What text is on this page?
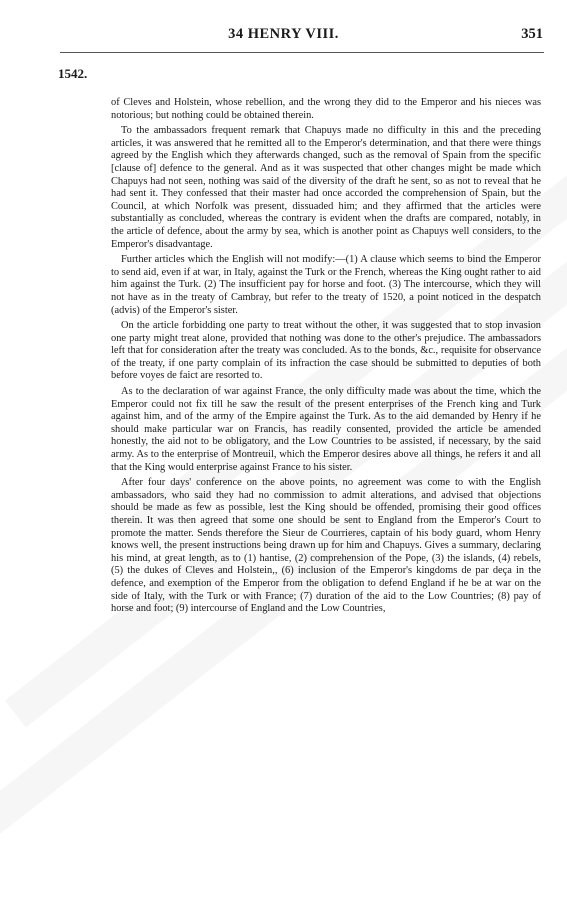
34 HENRY VIII.	351
1542.

of Cleves and Holstein, whose rebellion, and the wrong they did to the Emperor and his nieces was notorious; but nothing could be obtained therein.

To the ambassadors frequent remark that Chapuys made no difficulty in this and the preceding articles, it was answered that he remitted all to the Emperor's determination, and that there were things agreed by the English which they afterwards changed, such as the removal of Spain from the specific [clause of] defence to the general. And as it was suspected that other changes might be made which Chapuys had not seen, nothing was said of the diversity of the draft he sent, so as not to reveal that he had sent it. They confessed that their master had once accorded the comprehension of Spain, but the Council, at which Norfolk was present, dissuaded him; and they affirmed that the articles were substantially as concluded, whereas the contrary is evident when the drafts are compared, notably, in the article of defence, about the army by sea, which is another point as Chapuys well considers, to the Emperor's disadvantage.

Further articles which the English will not modify:—(1) A clause which seems to bind the Emperor to send aid, even if at war, in Italy, against the Turk or the French, whereas the King ought rather to aid him against the Turk. (2) The insufficient pay for horse and foot. (3) The intercourse, which they will not have as in the treaty of Cambray, but refer to the treaty of 1520, a point noticed in the despatch (advis) of the Emperor's sister.

On the article forbidding one party to treat without the other, it was suggested that to stop invasion one party might treat alone, provided that nothing was done to the other's prejudice. The ambassadors left that for consideration after the treaty was concluded. As to the bonds, &c., requisite for observance of the treaty, if one party complain of its infraction the case should be submitted to deputies of both before voyes de faict are resorted to.

As to the declaration of war against France, the only difficulty made was about the time, which the Emperor could not fix till he saw the result of the present enterprises of the French king and Turk against him, and of the army of the Empire against the Turk. As to the aid demanded by Henry if he should make particular war on Francis, has readily consented, provided the article be amended honestly, the aid not to be obligatory, and the Low Countries to be assisted, if necessary, by the said army. As to the enterprise of Montreuil, which the Emperor desires above all things, he refers it and all that the King would enterprise against France to his sister.

After four days' conference on the above points, no agreement was come to with the English ambassadors, who said they had no commission to admit alterations, and advised that objections should be made as few as possible, lest the King should be offended, promising their good offices therein. It was then agreed that some one should be sent to England from the Emperor's Court to promote the matter. Sends therefore the Sieur de Courrieres, captain of his body guard, whom Henry knows well, the present instructions being drawn up for him and Chapuys. Gives a summary, declaring his mind, at great length, as to (1) hantise, (2) comprehension of the Pope, (3) the islands, (4) rebels, (5) the dukes of Cleves and Holstein,, (6) inclusion of the Emperor's kingdoms de par deça in the defence, and exemption of the Emperor from the obligation to defend England if he be at war on the side of Italy, with the Turk or with France; (7) duration of the aid to the Low Countries; (8) pay of horse and foot; (9) intercourse of England and the Low Countries,
